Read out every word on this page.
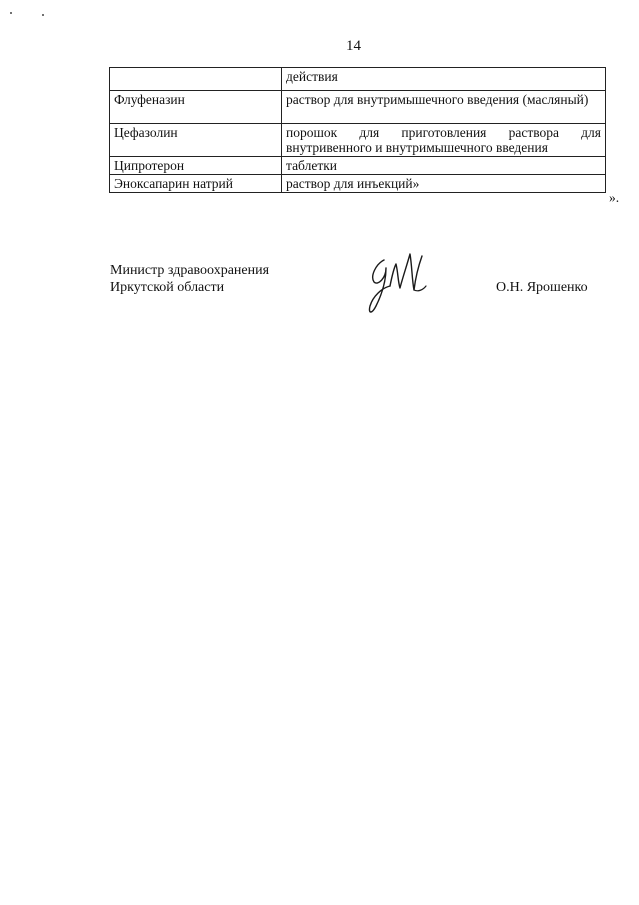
14
	действия
Флуфеназин	раствор для внутримышечного введения (масляный)
Цефазолин	порошок для приготовления раствора для внутривенного и внутримышечного введения
Ципротерон	таблетки
Эноксапарин натрий	раствор для инъекций»
».
Министр здравоохранения
Иркутской области	О.Н. Ярошенко
